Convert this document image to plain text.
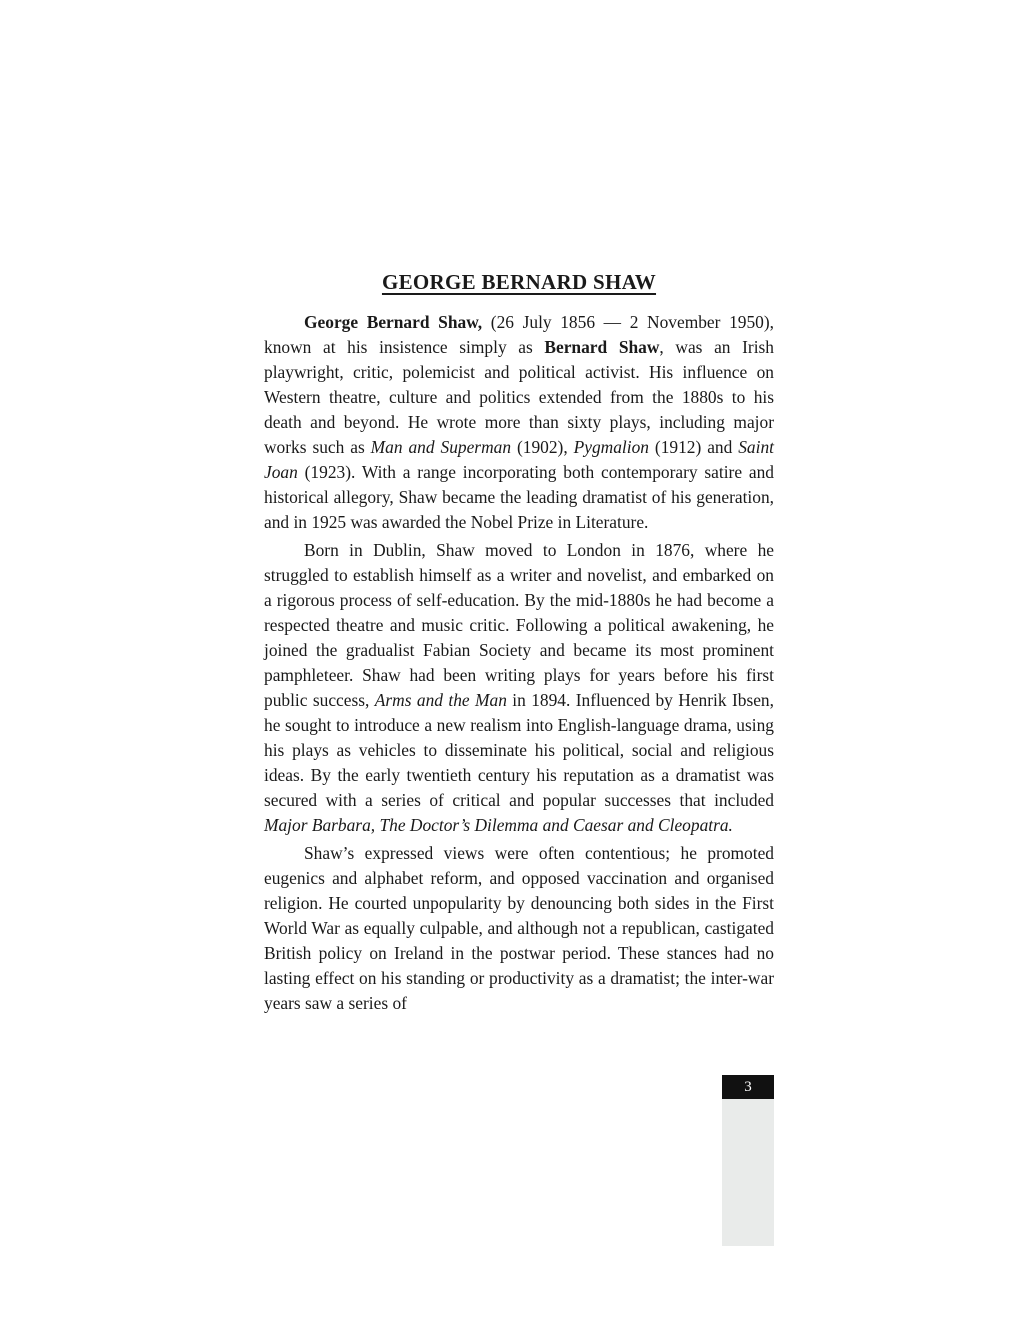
GEORGE BERNARD SHAW

George Bernard Shaw, (26 July 1856 — 2 November 1950), known at his insistence simply as Bernard Shaw, was an Irish playwright, critic, polemicist and political activist. His influence on Western theatre, culture and politics extended from the 1880s to his death and beyond. He wrote more than sixty plays, including major works such as Man and Superman (1902), Pygmalion (1912) and Saint Joan (1923). With a range incorporating both contemporary satire and historical allegory, Shaw became the leading dramatist of his generation, and in 1925 was awarded the Nobel Prize in Literature.

Born in Dublin, Shaw moved to London in 1876, where he struggled to establish himself as a writer and novelist, and embarked on a rigorous process of self-education. By the mid-1880s he had become a respected theatre and music critic. Following a political awakening, he joined the gradualist Fabian Society and became its most prominent pamphleteer. Shaw had been writing plays for years before his first public success, Arms and the Man in 1894. Influenced by Henrik Ibsen, he sought to introduce a new realism into English-language drama, using his plays as vehicles to disseminate his political, social and religious ideas. By the early twentieth century his reputation as a dramatist was secured with a series of critical and popular successes that included Major Barbara, The Doctor’s Dilemma and Caesar and Cleopatra.

Shaw’s expressed views were often contentious; he promoted eugenics and alphabet reform, and opposed vaccination and organised religion. He courted unpopularity by denouncing both sides in the First World War as equally culpable, and although not a republican, castigated British policy on Ireland in the postwar period. These stances had no lasting effect on his standing or productivity as a dramatist; the inter-war years saw a series of

3
